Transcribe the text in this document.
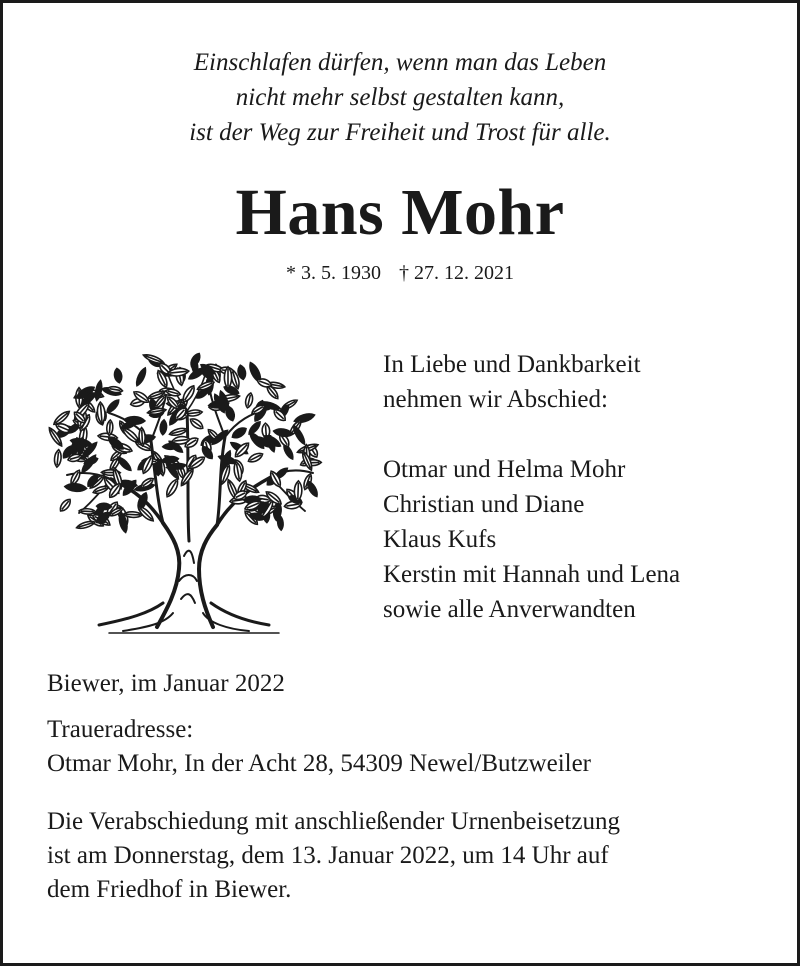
Einschlafen dürfen, wenn man das Leben
nicht mehr selbst gestalten kann,
ist der Weg zur Freiheit und Trost für alle.
Hans Mohr
* 3. 5. 1930 † 27. 12. 2021
In Liebe und Dankbarkeit
nehmen wir Abschied:
Otmar und Helma Mohr
Christian und Diane
Klaus Kufs
Kerstin mit Hannah und Lena
sowie alle Anverwandten
Biewer, im Januar 2022
Traueradresse:
Otmar Mohr, In der Acht 28, 54309 Newel/Butzweiler
Die Verabschiedung mit anschließender Urnenbeisetzung
ist am Donnerstag, dem 13. Januar 2022, um 14 Uhr auf
dem Friedhof in Biewer.
